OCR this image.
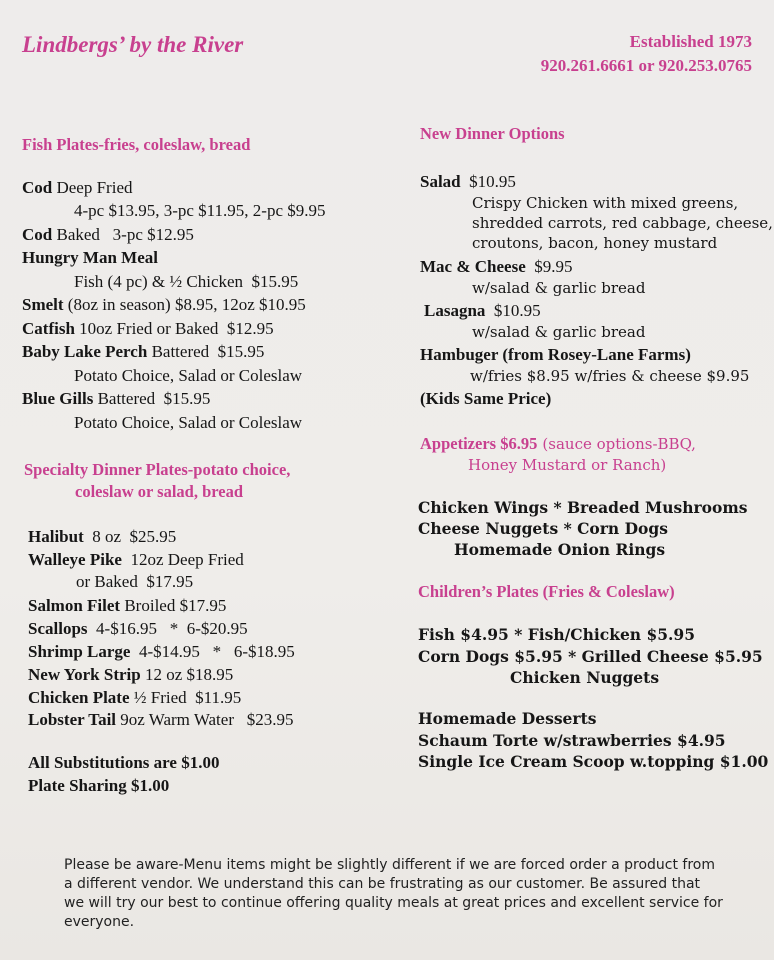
Lindbergs’ by the River	Established 1973
920.261.6661 or 920.253.0765
Fish Plates-fries, coleslaw, bread
Cod Deep Fried
4-pc $13.95, 3-pc $11.95, 2-pc $9.95
Cod Baked   3-pc $12.95
Hungry Man Meal
Fish (4 pc) & ½ Chicken  $15.95
Smelt (8oz in season) $8.95, 12oz $10.95
Catfish 10oz Fried or Baked  $12.95
Baby Lake Perch Battered  $15.95
Potato Choice, Salad or Coleslaw
Blue Gills Battered  $15.95
Potato Choice, Salad or Coleslaw
Specialty Dinner Plates-potato choice,
coleslaw or salad, bread
Halibut  8 oz  $25.95
Walleye Pike  12oz Deep Fried
or Baked  $17.95
Salmon Filet Broiled $17.95
Scallops  4-$16.95   *  6-$20.95
Shrimp Large  4-$14.95   *   6-$18.95
New York Strip 12 oz $18.95
Chicken Plate ½ Fried  $11.95
Lobster Tail 9oz Warm Water   $23.95
All Substitutions are $1.00
Plate Sharing $1.00
New Dinner Options
Salad $10.95
Crispy Chicken with mixed greens,
shredded carrots, red cabbage, cheese,
croutons, bacon, honey mustard
Mac & Cheese $9.95
w/salad & garlic bread
Lasagna $10.95
w/salad & garlic bread
Hambuger (from Rosey-Lane Farms)
w/fries $8.95 w/fries & cheese $9.95
(Kids Same Price)
Appetizers $6.95 (sauce options-BBQ,
Honey Mustard or Ranch)
Chicken Wings * Breaded Mushrooms
Cheese Nuggets * Corn Dogs
Homemade Onion Rings
Children’s Plates (Fries & Coleslaw)
Fish $4.95 * Fish/Chicken $5.95
Corn Dogs $5.95 * Grilled Cheese $5.95
Chicken Nuggets
Homemade Desserts
Schaum Torte w/strawberries $4.95
Single Ice Cream Scoop w.topping $1.00
Please be aware-Menu items might be slightly different if we are forced order a product from a different vendor. We understand this can be frustrating as our customer. Be assured that we will try our best to continue offering quality meals at great prices and excellent service for everyone.
